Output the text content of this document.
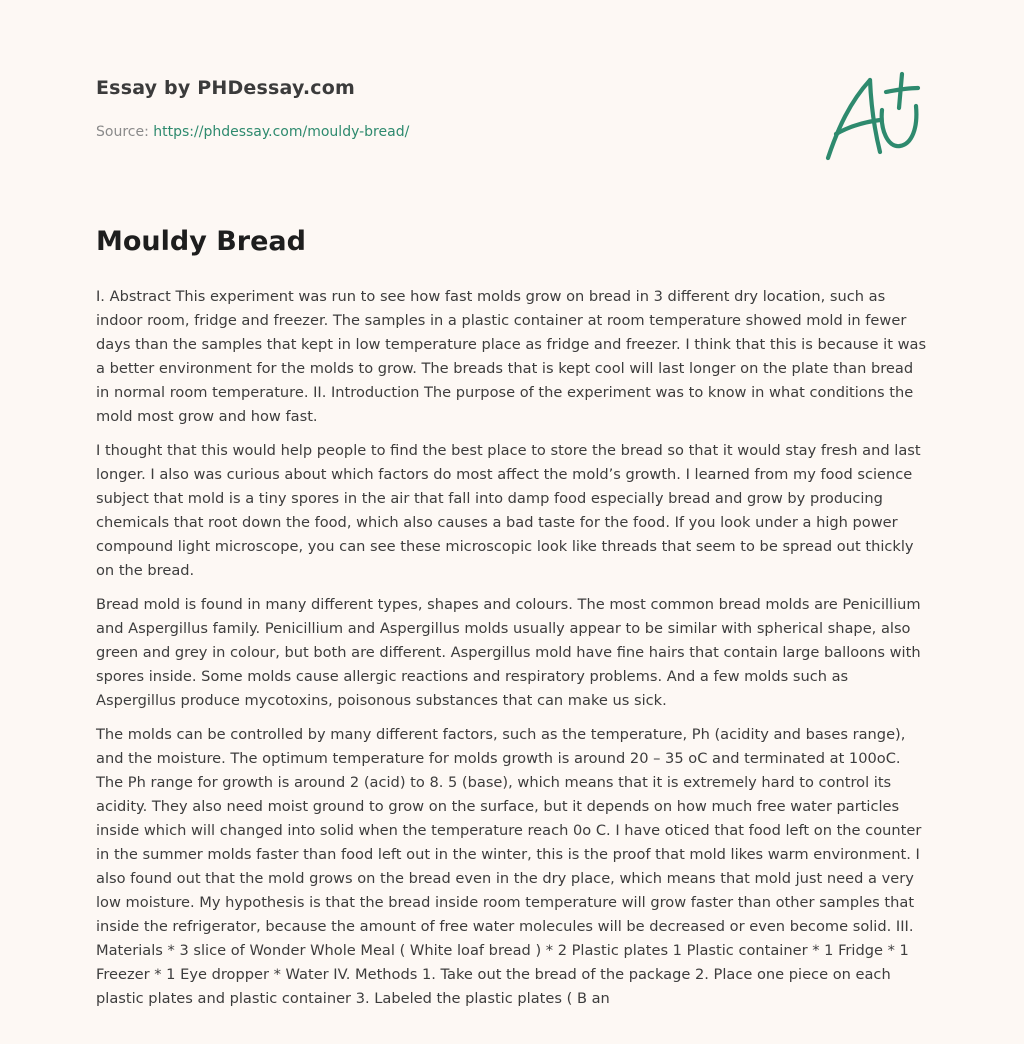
Essay by PHDessay.com
Source: https://phdessay.com/mouldy-bread/
Mouldy Bread

I. Abstract This experiment was run to see how fast molds grow on bread in 3 different dry location, such as indoor room, fridge and freezer. The samples in a plastic container at room temperature showed mold in fewer days than the samples that kept in low temperature place as fridge and freezer. I think that this is because it was a better environment for the molds to grow. The breads that is kept cool will last longer on the plate than bread in normal room temperature. II. Introduction The purpose of the experiment was to know in what conditions the mold most grow and how fast.

I thought that this would help people to find the best place to store the bread so that it would stay fresh and last longer. I also was curious about which factors do most affect the mold’s growth. I learned from my food science subject that mold is a tiny spores in the air that fall into damp food especially bread and grow by producing chemicals that root down the food, which also causes a bad taste for the food. If you look under a high power compound light microscope, you can see these microscopic look like threads that seem to be spread out thickly on the bread.

Bread mold is found in many different types, shapes and colours. The most common bread molds are Penicillium and Aspergillus family. Penicillium and Aspergillus molds usually appear to be similar with spherical shape, also green and grey in colour, but both are different. Aspergillus mold have fine hairs that contain large balloons with spores inside. Some molds cause allergic reactions and respiratory problems. And a few molds such as Aspergillus produce mycotoxins, poisonous substances that can make us sick.

The molds can be controlled by many different factors, such as the temperature, Ph (acidity and bases range), and the moisture. The optimum temperature for molds growth is around 20 – 35 oC and terminated at 100oC. The Ph range for growth is around 2 (acid) to 8. 5 (base), which means that it is extremely hard to control its acidity. They also need moist ground to grow on the surface, but it depends on how much free water particles inside which will changed into solid when the temperature reach 0o C. I have oticed that food left on the counter in the summer molds faster than food left out in the winter, this is the proof that mold likes warm environment. I also found out that the mold grows on the bread even in the dry place, which means that mold just need a very low moisture. My hypothesis is that the bread inside room temperature will grow faster than other samples that inside the refrigerator, because the amount of free water molecules will be decreased or even become solid. III. Materials * 3 slice of Wonder Whole Meal ( White loaf bread ) * 2 Plastic plates 1 Plastic container * 1 Fridge * 1 Freezer * 1 Eye dropper * Water IV. Methods 1. Take out the bread of the package 2. Place one piece on each plastic plates and plastic container 3. Labeled the plastic plates ( B an
